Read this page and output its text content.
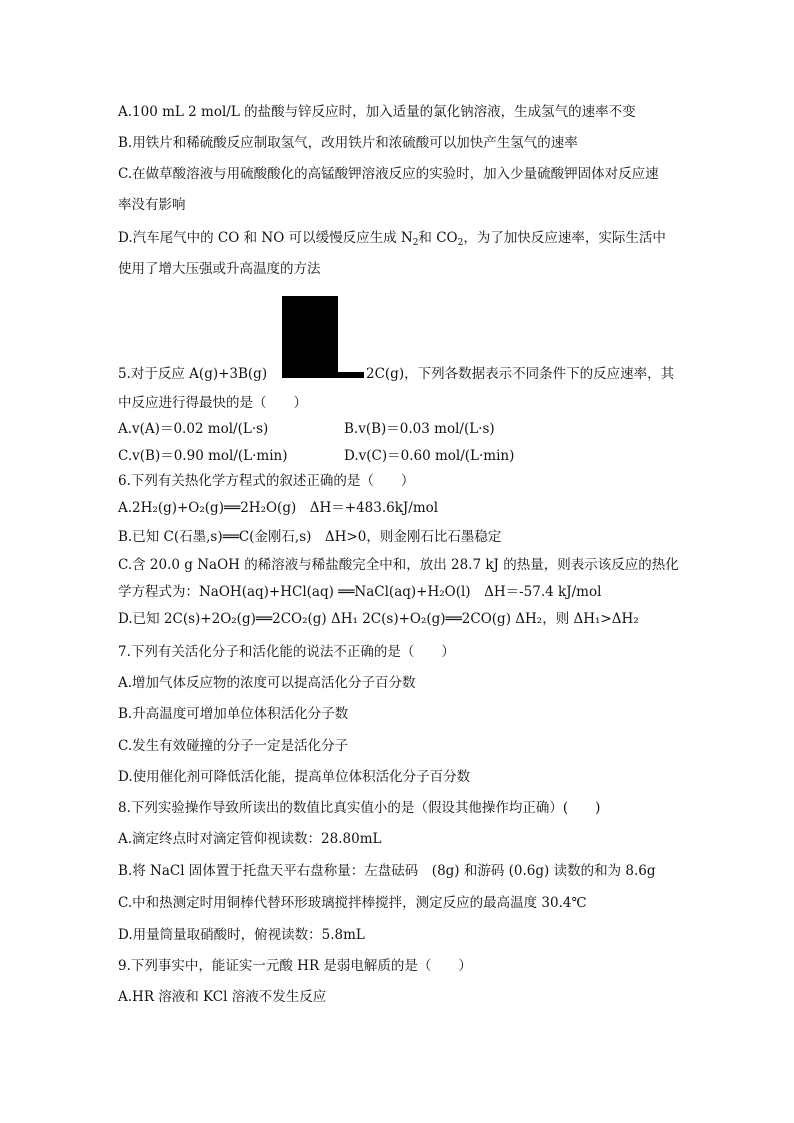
A.100 mL 2 mol/L 的盐酸与锌反应时，加入适量的氯化钠溶液，生成氢气的速率不变
B.用铁片和稀硫酸反应制取氢气，改用铁片和浓硫酸可以加快产生氢气的速率
C.在做草酸溶液与用硫酸酸化的高锰酸钾溶液反应的实验时，加入少量硫酸钾固体对反应速
率没有影响
D.汽车尾气中的 CO 和 NO 可以缓慢反应生成 $N_2$和 $CO_2$，为了加快反应速率，实际生活中
使用了增大压强或升高温度的方法
5.对于反应 A(g)+3B(g)	2C(g)，下列各数据表示不同条件下的反应速率，其
中反应进行得最快的是（　　）
A.v(A)＝0.02 mol/(L·s)	B.v(B)＝0.03 mol/(L·s)
C.v(B)＝0.90 mol/(L·min)	D.v(C)＝0.60 mol/(L·min)
6.下列有关热化学方程式的叙述正确的是（　　）
A.2H₂(g)+O₂(g)══2H₂O(g)　ΔH＝+483.6kJ/mol
B.已知 C(石墨,s)══C(金刚石,s)　ΔH>0，则金刚石比石墨稳定
C.含 20.0 g NaOH 的稀溶液与稀盐酸完全中和，放出 28.7 kJ 的热量，则表示该反应的热化
学方程式为：NaOH(aq)+HCl(aq) ══NaCl(aq)+H₂O(l)　ΔH＝-57.4 kJ/mol
D.已知 2C(s)+2O₂(g)══2CO₂(g) ΔH₁ 2C(s)+O₂(g)══2CO(g) ΔH₂，则 ΔH₁>ΔH₂
7.下列有关活化分子和活化能的说法不正确的是（　　）
A.增加气体反应物的浓度可以提高活化分子百分数
B.升高温度可增加单位体积活化分子数
C.发生有效碰撞的分子一定是活化分子
D.使用催化剂可降低活化能，提高单位体积活化分子百分数
8.下列实验操作导致所读出的数值比真实值小的是（假设其他操作均正确）(　　)
A.滴定终点时对滴定管仰视读数：28.80mL
B.将 NaCl 固体置于托盘天平右盘称量：左盘砝码　(8g) 和游码 (0.6g) 读数的和为 8.6g
C.中和热测定时用铜棒代替环形玻璃搅拌棒搅拌，测定反应的最高温度 30.4℃
D.用量筒量取硝酸时，俯视读数：5.8mL
9.下列事实中，能证实一元酸 HR 是弱电解质的是（　　）
A.HR 溶液和 KCl 溶液不发生反应
